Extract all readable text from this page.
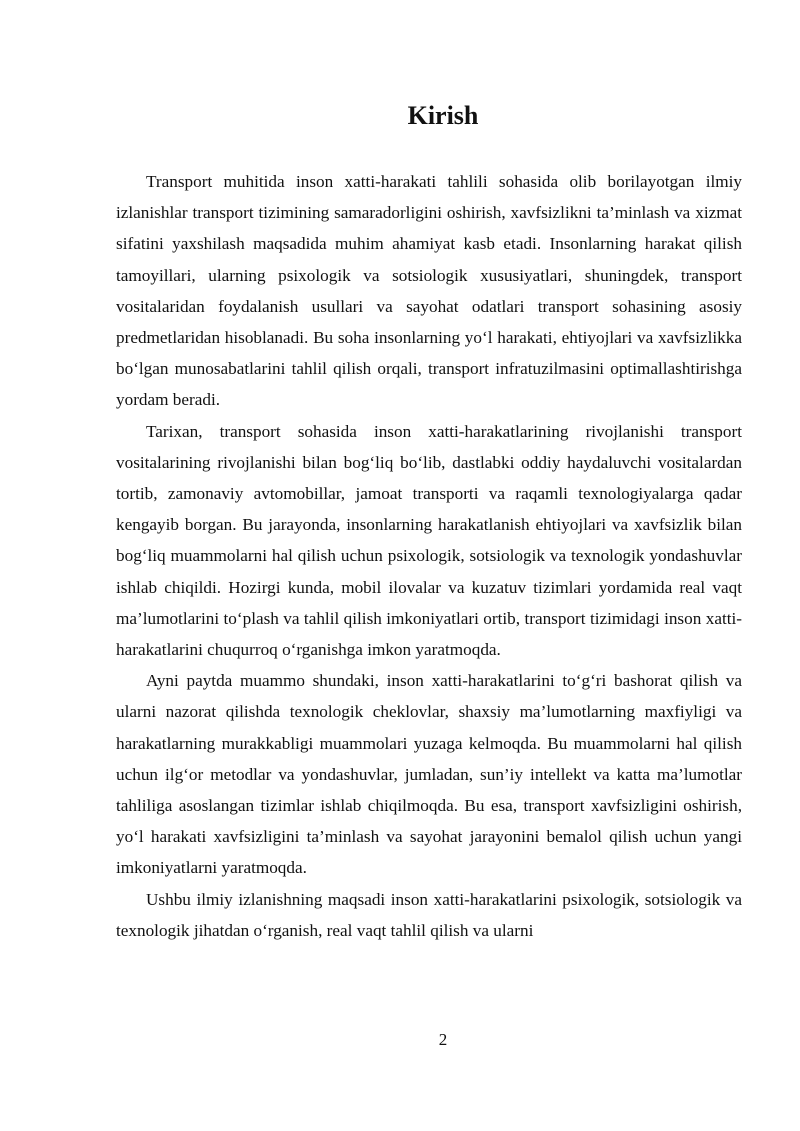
Kirish

Transport muhitida inson xatti-harakati tahlili sohasida olib borilayotgan ilmiy izlanishlar transport tizimining samaradorligini oshirish, xavfsizlikni ta’minlash va xizmat sifatini yaxshilash maqsadida muhim ahamiyat kasb etadi. Insonlarning harakat qilish tamoyillari, ularning psixologik va sotsiologik xususiyatlari, shuningdek, transport vositalaridan foydalanish usullari va sayohat odatlari transport sohasining asosiy predmetlaridan hisoblanadi. Bu soha insonlarning yo‘l harakati, ehtiyojlari va xavfsizlikka bo‘lgan munosabatlarini tahlil qilish orqali, transport infratuzilmasini optimallashtirishga yordam beradi.

Tarixan, transport sohasida inson xatti-harakatlarining rivojlanishi transport vositalarining rivojlanishi bilan bog‘liq bo‘lib, dastlabki oddiy haydaluvchi vositalardan tortib, zamonaviy avtomobillar, jamoat transporti va raqamli texnologiyalarga qadar kengayib borgan. Bu jarayonda, insonlarning harakatlanish ehtiyojlari va xavfsizlik bilan bog‘liq muammolarni hal qilish uchun psixologik, sotsiologik va texnologik yondashuvlar ishlab chiqildi. Hozirgi kunda, mobil ilovalar va kuzatuv tizimlari yordamida real vaqt ma’lumotlarini to‘plash va tahlil qilish imkoniyatlari ortib, transport tizimidagi inson xatti-harakatlarini chuqurroq o‘rganishga imkon yaratmoqda.

Ayni paytda muammo shundaki, inson xatti-harakatlarini to‘g‘ri bashorat qilish va ularni nazorat qilishda texnologik cheklovlar, shaxsiy ma’lumotlarning maxfiyligi va harakatlarning murakkabligi muammolari yuzaga kelmoqda. Bu muammolarni hal qilish uchun ilg‘or metodlar va yondashuvlar, jumladan, sun’iy intellekt va katta ma’lumotlar tahliliga asoslangan tizimlar ishlab chiqilmoqda. Bu esa, transport xavfsizligini oshirish, yo‘l harakati xavfsizligini ta’minlash va sayohat jarayonini bemalol qilish uchun yangi imkoniyatlarni yaratmoqda.

Ushbu ilmiy izlanishning maqsadi inson xatti-harakatlarini psixologik, sotsiologik va texnologik jihatdan o‘rganish, real vaqt tahlil qilish va ularni

2
